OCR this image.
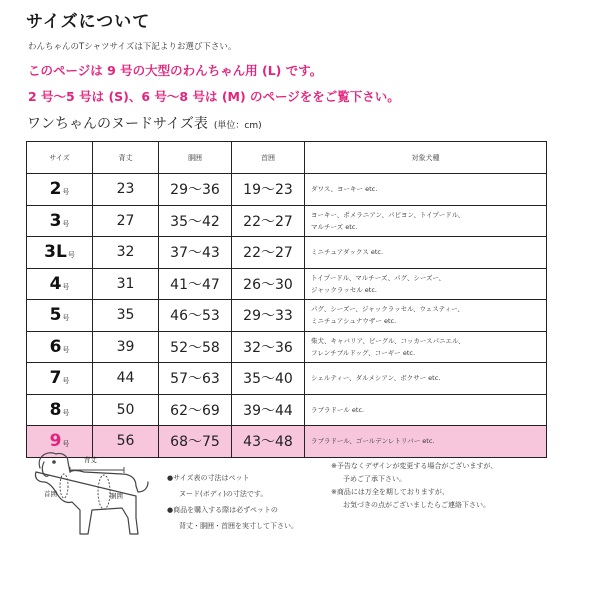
サイズについて
わんちゃんのTシャツサイズは下記よりお選び下さい。
このページは 9 号の大型のわんちゃん用 (L) です。
2 号～5 号は (S)、6 号～8 号は (M) のページををご覧下さい。
ワンちゃんのヌードサイズ表 (単位：cm)
サイズ	背丈	胴囲	首囲	対象犬種
2号	23	29～36	19～23	ダワス、ヨーキー etc.

3号	27	35～42	22～27	ヨーキー、ポメラニアン、パピヨン、トイプードル、
マルチーズ etc.

3L号	32	37～43	22～27	ミニチュアダックス etc.

4号	31	41～47	26～30	トイプードル、マルチーズ、パグ、シーズー、
ジャックラッセル etc.

5号	35	46～53	29～33	パグ、シーズー、ジャックラッセル、ウェスティー、
ミニチュアシュナウザー etc.

6号	39	52～58	32～36	柴犬、キャバリア、ビーグル、コッカースパニエル、
フレンチブルドッグ、コーギー etc.

7号	44	57～63	35～40	シェルティー、ダルメシアン、ボクサー etc.

8号	50	62～69	39～44	ラブラドール etc.

9号	56	68～75	43～48	ラブラドール、ゴールデンレトリバー etc.
背丈
首囲	胴囲
●サイズ表の寸法はペット
ヌード(ボディ)の寸法です。
●商品を購入する際は必ずペットの
背丈・胴囲・首囲を実寸して下さい。
※予告なくデザインが変更する場合がございますが、
予めご了承下さい。
※商品には万全を期しておりますが、
お気づきの点がございましたらご連絡下さい。
